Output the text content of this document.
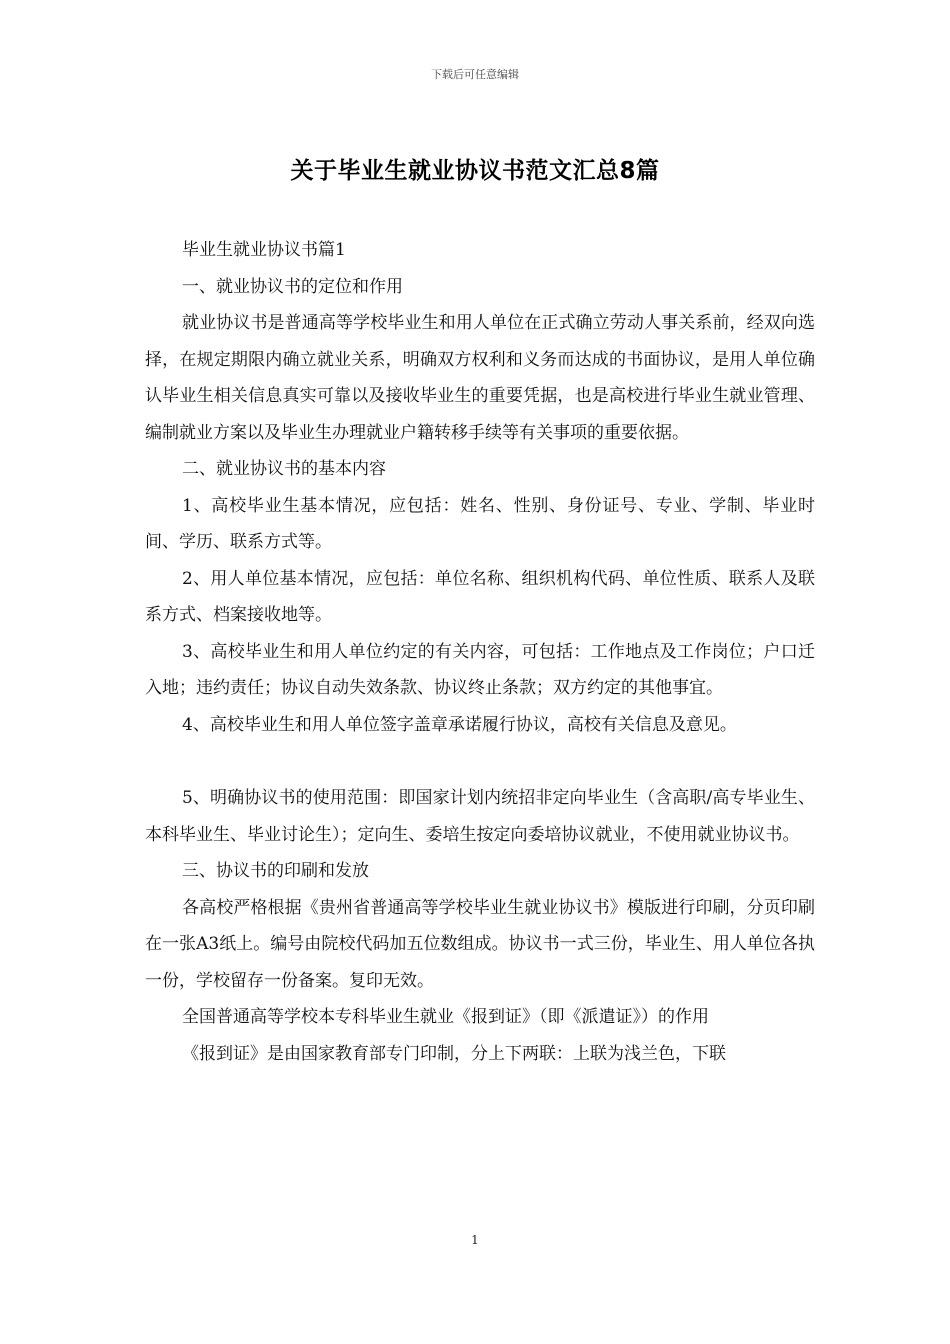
下载后可任意编辑
关于毕业生就业协议书范文汇总8篇

毕业生就业协议书篇1

一、就业协议书的定位和作用

就业协议书是普通高等学校毕业生和用人单位在正式确立劳动人事关系前，经双向选择，在规定期限内确立就业关系，明确双方权利和义务而达成的书面协议，是用人单位确认毕业生相关信息真实可靠以及接收毕业生的重要凭据，也是高校进行毕业生就业管理、编制就业方案以及毕业生办理就业户籍转移手续等有关事项的重要依据。

二、就业协议书的基本内容

1、高校毕业生基本情况，应包括：姓名、性别、身份证号、专业、学制、毕业时间、学历、联系方式等。

2、用人单位基本情况，应包括：单位名称、组织机构代码、单位性质、联系人及联系方式、档案接收地等。

3、高校毕业生和用人单位约定的有关内容，可包括：工作地点及工作岗位；户口迁入地；违约责任；协议自动失效条款、协议终止条款；双方约定的其他事宜。

4、高校毕业生和用人单位签字盖章承诺履行协议，高校有关信息及意见。

5、明确协议书的使用范围：即国家计划内统招非定向毕业生（含高职/高专毕业生、本科毕业生、毕业讨论生）；定向生、委培生按定向委培协议就业，不使用就业协议书。

三、协议书的印刷和发放

各高校严格根据《贵州省普通高等学校毕业生就业协议书》模版进行印刷，分页印刷在一张A3纸上。编号由院校代码加五位数组成。协议书一式三份，毕业生、用人单位各执一份，学校留存一份备案。复印无效。

全国普通高等学校本专科毕业生就业《报到证》（即《派遣证》）的作用

《报到证》是由国家教育部专门印制，分上下两联：上联为浅兰色，下联

1
